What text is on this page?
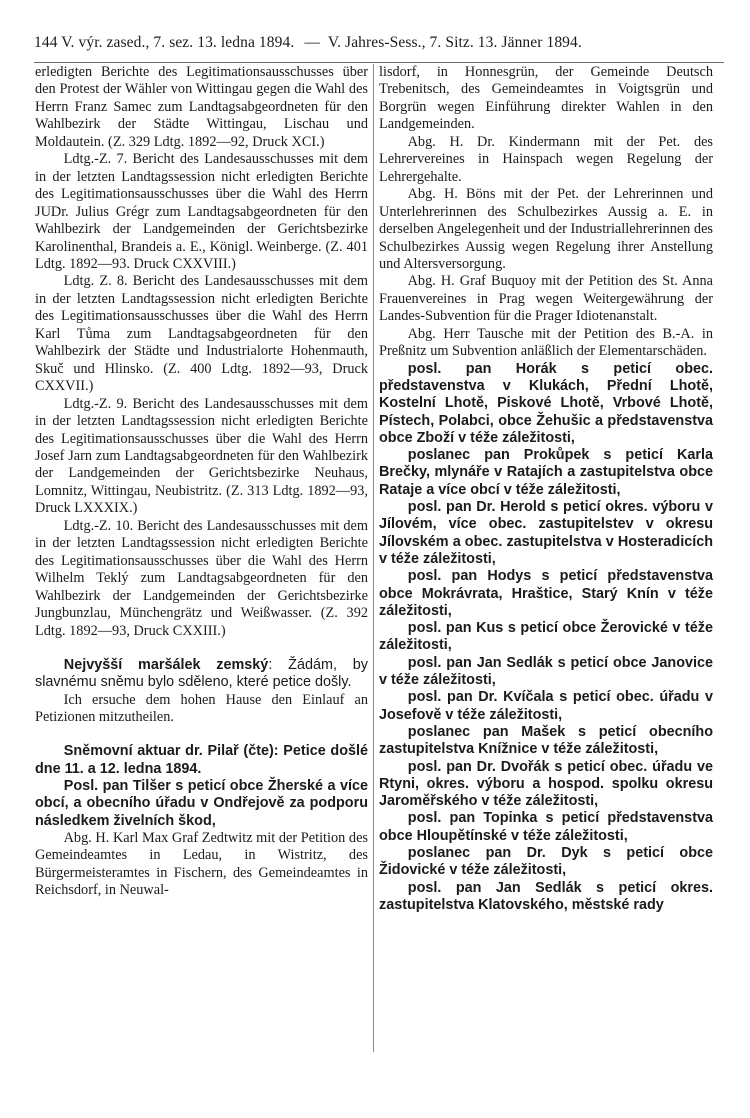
144 V. výr. zased., 7. sez. 13. ledna 1894. — V. Jahres-Sess., 7. Sitz. 13. Jänner 1894.

erledigten Berichte des Legitimationsausschusses über den Protest der Wähler von Wittingau gegen die Wahl des Herrn Franz Samec zum Landtagsabgeordneten für den Wahlbezirk der Städte Wittingau, Lischau und Moldautein. (Z. 329 Ldtg. 1892—92, Druck XCI.)

Ldtg.-Z. 7. Bericht des Landesausschusses mit dem in der letzten Landtagssession nicht erledigten Berichte des Legitimationsausschusses über die Wahl des Herrn JUDr. Julius Grégr zum Landtagsabgeordneten für den Wahlbezirk der Landgemeinden der Gerichtsbezirke Karolinenthal, Brandeis a. E., Königl. Weinberge. (Z. 401 Ldtg. 1892—93. Druck CXXVIII.)

Ldtg. Z. 8. Bericht des Landesausschusses mit dem in der letzten Landtagssession nicht erledigten Berichte des Legitimationsausschusses über die Wahl des Herrn Karl Tůma zum Landtagsabgeordneten für den Wahlbezirk der Städte und Industrialorte Hohenmauth, Skuč und Hlinsko. (Z. 400 Ldtg. 1892—93, Druck CXXVII.)

Ldtg.-Z. 9. Bericht des Landesausschusses mit dem in der letzten Landtagssession nicht erledigten Berichte des Legitimationsausschusses über die Wahl des Herrn Josef Jarn zum Landtagsabgeordneten für den Wahlbezirk der Landgemeinden der Gerichtsbezirke Neuhaus, Lomnitz, Wittingau, Neubistritz. (Z. 313 Ldtg. 1892—93, Druck LXXXIX.)

Ldtg.-Z. 10. Bericht des Landesausschusses mit dem in der letzten Landtagssession nicht erledigten Berichte des Legitimationsausschusses über die Wahl des Herrn Wilhelm Teklý zum Landtagsabgeordneten für den Wahlbezirk der Landgemeinden der Gerichtsbezirke Jungbunzlau, Münchengrätz und Weißwasser. (Z. 392 Ldtg. 1892—93, Druck CXXIII.)

Nejvyšší maršálek zemský: Žádám, by slavnému sněmu bylo sděleno, které petice došly.

Ich ersuche dem hohen Hause den Einlauf an Petizionen mitzutheilen.

Sněmovní aktuar dr. Pilař (čte): Petice došlé dne 11. a 12. ledna 1894.

Posl. pan Tilšer s peticí obce Žherské a více obcí, a obecního úřadu v Ondřejově za podporu následkem živelních škod,

Abg. H. Karl Max Graf Zedtwitz mit der Petition des Gemeindeamtes in Ledau, in Wistritz, des Bürgermeisteramtes in Fischern, des Gemeindeamtes in Reichsdorf, in Neuwal-

lisdorf, in Honnesgrün, der Gemeinde Deutsch Trebenitsch, des Gemeindeamtes in Voigtsgrün und Borgrün wegen Einführung direkter Wahlen in den Landgemeinden.

Abg. H. Dr. Kindermann mit der Pet. des Lehrervereines in Hainspach wegen Regelung der Lehrergehalte.

Abg. H. Böns mit der Pet. der Lehrerinnen und Unterlehrerinnen des Schulbezirkes Aussig a. E. in derselben Angelegenheit und der Industriallehrerinnen des Schulbezirkes Aussig wegen Regelung ihrer Anstellung und Altersversorgung.

Abg. H. Graf Buquoy mit der Petition des St. Anna Frauenvereines in Prag wegen Weitergewährung der Landes-Subvention für die Prager Idiotenanstalt.

Abg. Herr Tausche mit der Petition des B.-A. in Preßnitz um Subvention anläßlich der Elementarschäden.

posl. pan Horák s peticí obec. představenstva v Klukách, Přední Lhotě, Kostelní Lhotě, Piskové Lhotě, Vrbové Lhotě, Pístech, Polabci, obce Žehušic a představenstva obce Zboží v téže záležitosti,

poslanec pan Prokůpek s peticí Karla Brečky, mlynáře v Ratajích a zastupitelstva obce Rataje a více obcí v téže záležitosti,

posl. pan Dr. Herold s peticí okres. výboru v Jílovém, více obec. zastupitelstev v okresu Jílovském a obec. zastupitelstva v Hosteradicích v téže záležitosti,

posl. pan Hodys s peticí představenstva obce Mokrávrata, Hraštice, Starý Knín v téže záležitosti,

posl. pan Kus s peticí obce Žerovické v téže záležitosti,

posl. pan Jan Sedlák s peticí obce Janovice v téže záležitosti,

posl. pan Dr. Kvíčala s peticí obec. úřadu v Josefově v téže záležitosti,

poslanec pan Mašek s peticí obecního zastupitelstva Knížnice v téže záležitosti,

posl. pan Dr. Dvořák s peticí obec. úřadu ve Rtyni, okres. výboru a hospod. spolku okresu Jaroměřského v téže záležitosti,

posl. pan Topinka s peticí představenstva obce Hloupětínské v téže záležitosti,

poslanec pan Dr. Dyk s peticí obce Židovické v téže záležitosti,

posl. pan Jan Sedlák s peticí okres. zastupitelstva Klatovského, městské rady
